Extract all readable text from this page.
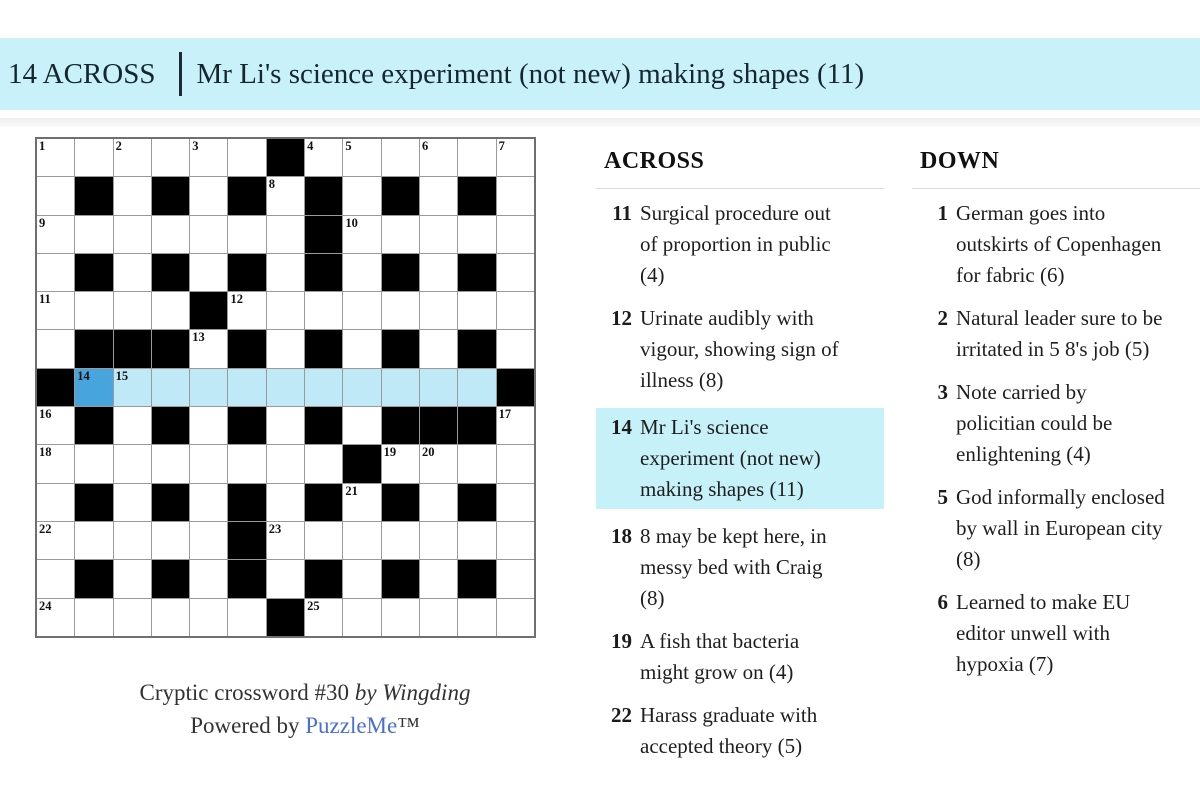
14 ACROSS Mr Li's science experiment (not new) making shapes (11)
1	2	3	4	5	6	7
8
9	10
11	12
13
14 15
16	17
18	19 20
21
22	23
24	25
Cryptic crossword #30 by Wingding
Powered by PuzzleMe™
ACROSS
11 Surgical procedure out of proportion in public (4)
12 Urinate audibly with vigour, showing sign of illness (8)
14 Mr Li's science experiment (not new) making shapes (11)
18 8 may be kept here, in messy bed with Craig (8)
19 A fish that bacteria might grow on (4)
22 Harass graduate with accepted theory (5)
DOWN
1 German goes into outskirts of Copenhagen for fabric (6)
2 Natural leader sure to be irritated in 5 8's job (5)
3 Note carried by policitian could be enlightening (4)
5 God informally enclosed by wall in European city (8)
6 Learned to make EU editor unwell with hypoxia (7)
